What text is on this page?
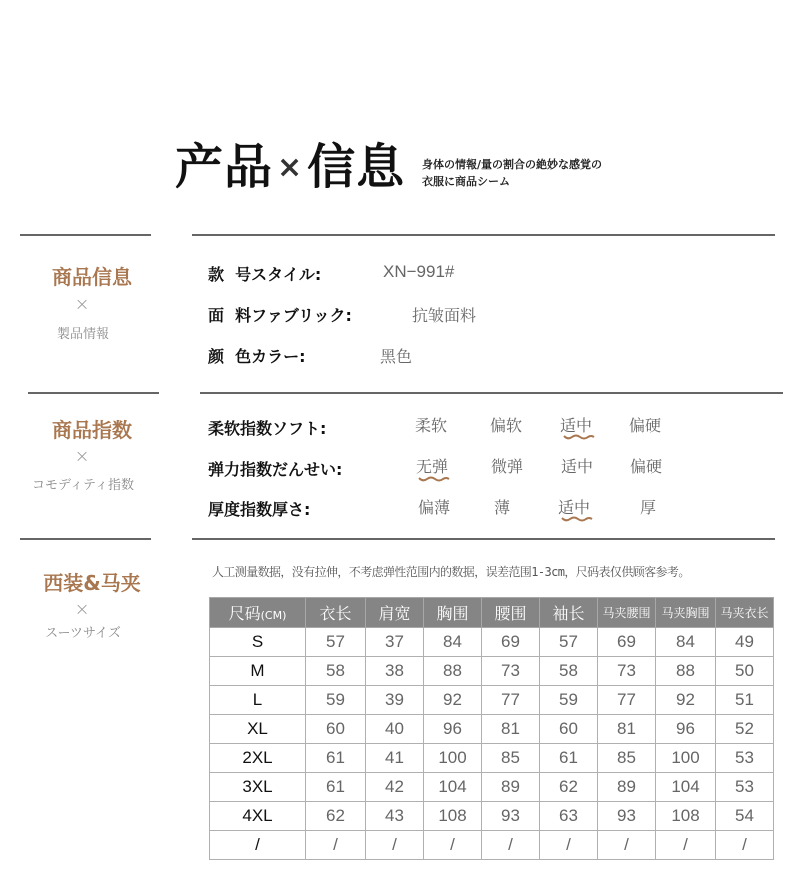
产品 ×信息 身体の情報/量の割合の絶妙な感覚の
衣服に商品シーム
商品信息
×
製品情報
款  号スタイル:	XN−991#
面  料ファブリック:	抗皱面料
颜  色カラー:	黑色
商品指数
×
コモディティ指数
柔软指数ソフト:	柔软	偏软 适中 偏硬
弹力指数だんせい:	无弹	微弹 适中 偏硬
厚度指数厚さ:	偏薄	薄	适中	厚
西装&马夹
×
スーツサイズ
人工测量数据，没有拉伸，不考虑弹性范围内的数据，误差范围1-3cm，尺码表仅供顾客参考。
尺码(CM)	衣长	肩宽	胸围	腰围	袖长	马夹腰围	马夹胸围	马夹衣长
S	57	37	84	69	57	69	84	49
M	58	38	88	73	58	73	88	50
L	59	39	92	77	59	77	92	51
XL	60	40	96	81	60	81	96	52
2XL	61	41	100	85	61	85	100	53
3XL	61	42	104	89	62	89	104	53
4XL	62	43	108	93	63	93	108	54
/	/	/	/	/	/	/	/	/
